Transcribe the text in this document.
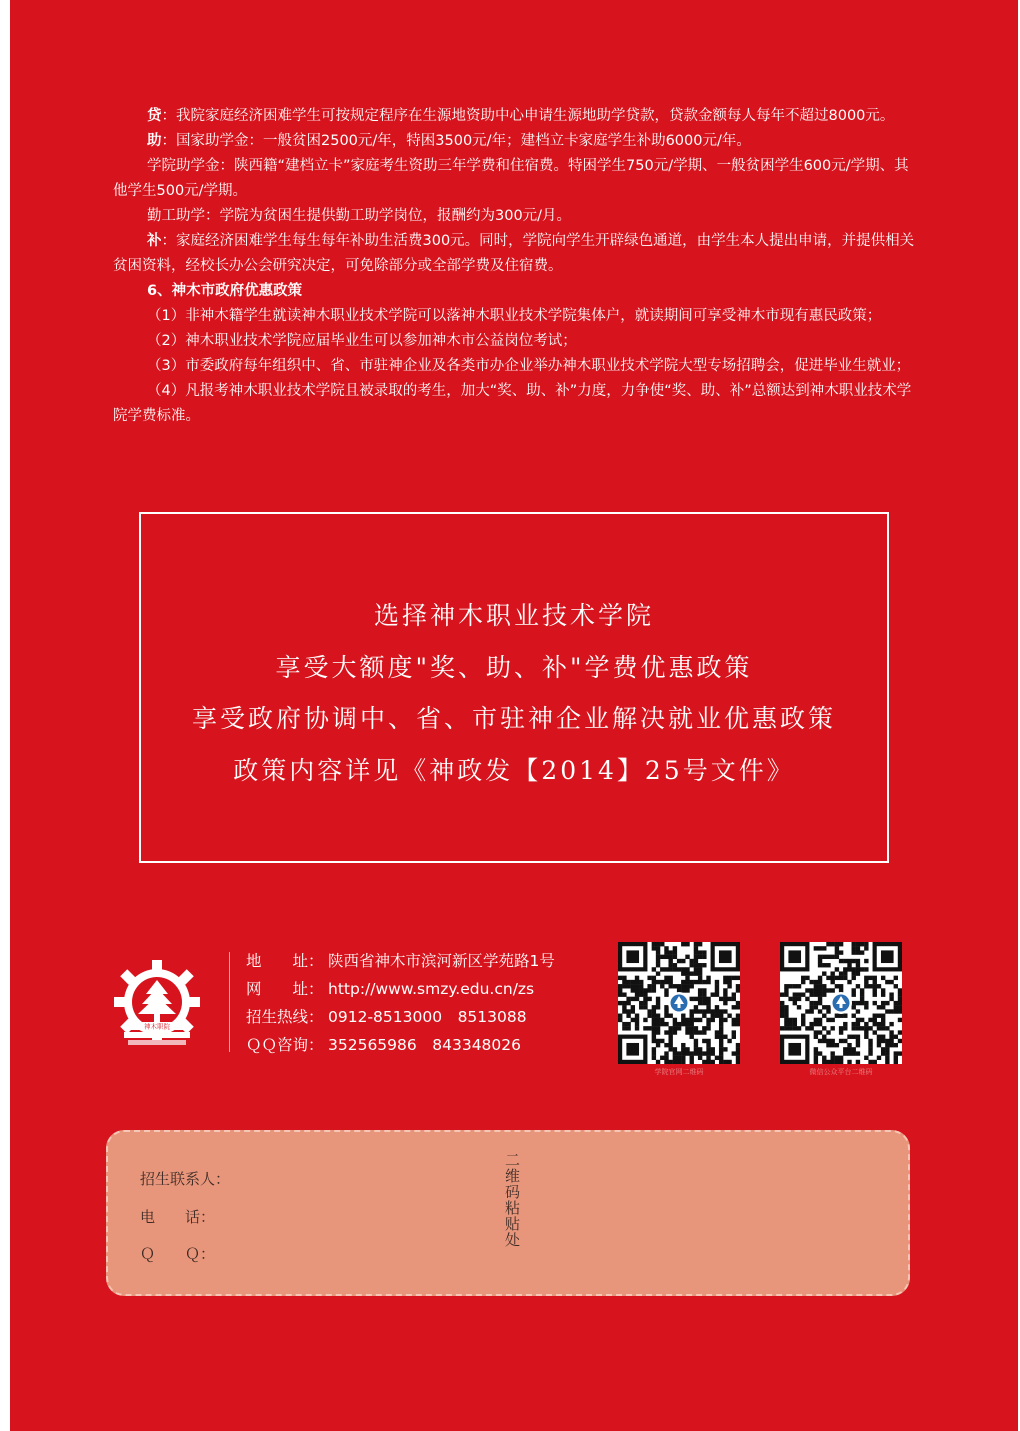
贷：我院家庭经济困难学生可按规定程序在生源地资助中心申请生源地助学贷款，贷款金额每人每年不超过8000元。

助：国家助学金：一般贫困2500元/年，特困3500元/年；建档立卡家庭学生补助6000元/年。

学院助学金：陕西籍“建档立卡”家庭考生资助三年学费和住宿费。特困学生750元/学期、一般贫困学生600元/学期、其他学生500元/学期。

勤工助学：学院为贫困生提供勤工助学岗位，报酬约为300元/月。

补：家庭经济困难学生每生每年补助生活费300元。同时，学院向学生开辟绿色通道，由学生本人提出申请，并提供相关贫困资料，经校长办公会研究决定，可免除部分或全部学费及住宿费。

6、神木市政府优惠政策

（1）非神木籍学生就读神木职业技术学院可以落神木职业技术学院集体户，就读期间可享受神木市现有惠民政策；

（2）神木职业技术学院应届毕业生可以参加神木市公益岗位考试；

（3）市委政府每年组织中、省、市驻神企业及各类市办企业举办神木职业技术学院大型专场招聘会，促进毕业生就业；

（4）凡报考神木职业技术学院且被录取的考生，加大“奖、助、补”力度，力争使“奖、助、补”总额达到神木职业技术学院学费标准。

选择神木职业技术学院
享受大额度"奖、助、补"学费优惠政策
享受政府协调中、省、市驻神企业解决就业优惠政策
政策内容详见《神政发【2014】25号文件》
神木职院
地　　址： 陕西省神木市滨河新区学苑路1号
网　　址： http://www.smzy.edu.cn/zs
招生热线： 0912-8513000　8513088
ＱＱ咨询： 352565986　843348026
学院官网二维码	微信公众平台二维码
招生联系人：
电　　话：
Ｑ　　Ｑ：
二维码粘贴处
